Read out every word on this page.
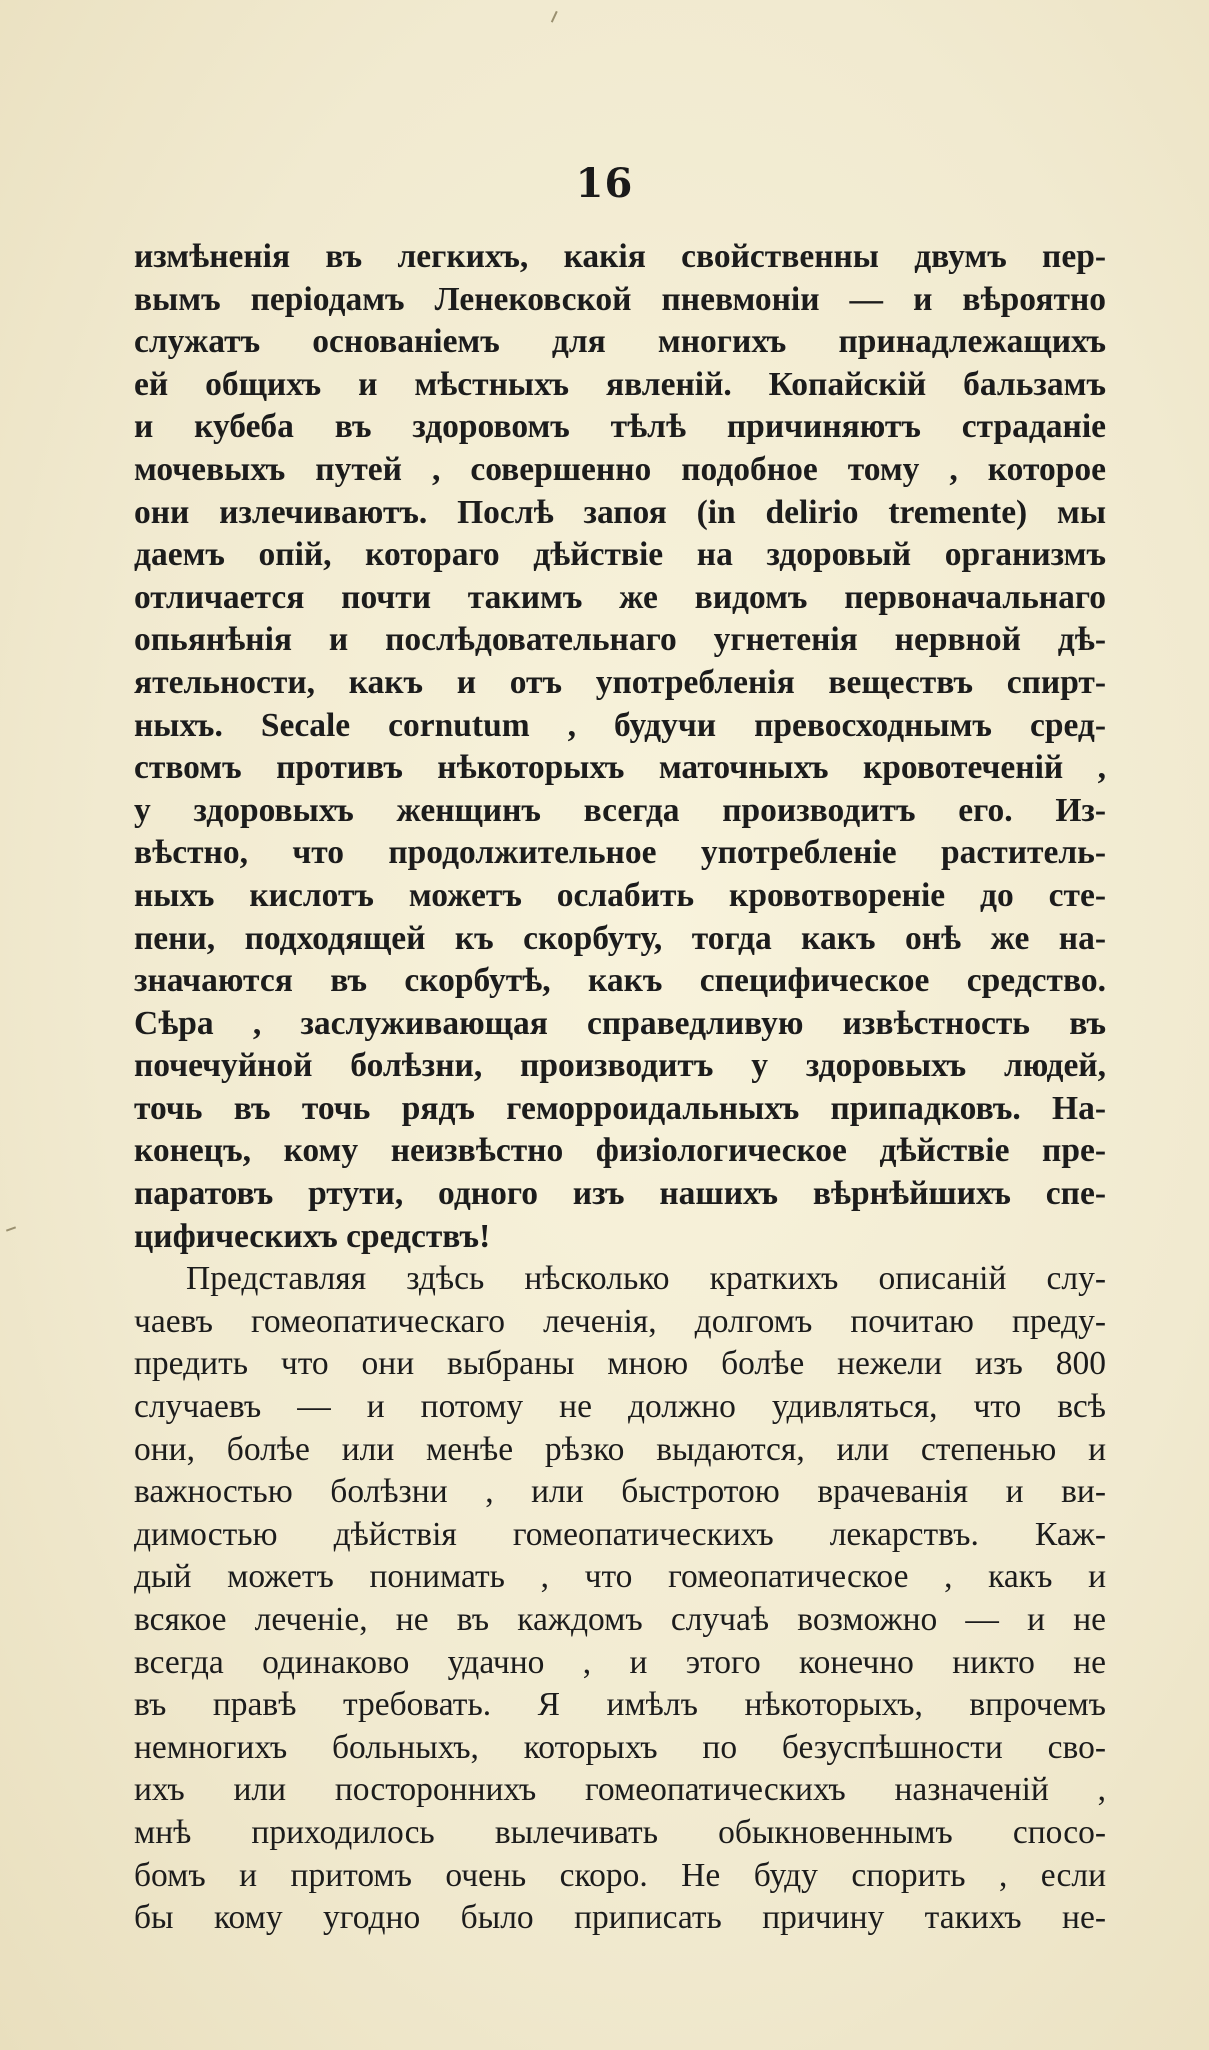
16
измѣненія въ легкихъ, какія свойственны двумъ пер-
вымъ періодамъ Ленековской пневмоніи — и вѣроятно
служатъ основаніемъ для многихъ принадлежащихъ
ей общихъ и мѣстныхъ явленій. Копайскій бальзамъ
и кубеба въ здоровомъ тѣлѣ причиняютъ страданіе
мочевыхъ путей , совершенно подобное тому , которое
они излечиваютъ. Послѣ запоя (in delirio tremente) мы
даемъ опій, котораго дѣйствіе на здоровый организмъ
отличается почти такимъ же видомъ первоначальнаго
опьянѣнія и послѣдовательнаго угнетенія нервной дѣ-
ятельности, какъ и отъ употребленія веществъ спирт-
ныхъ. Secale cornutum , будучи превосходнымъ сред-
ствомъ противъ нѣкоторыхъ маточныхъ кровотеченій ,
у здоровыхъ женщинъ всегда производитъ его. Из-
вѣстно, что продолжительное употребленіе раститель-
ныхъ кислотъ можетъ ослабить кровотвореніе до сте-
пени, подходящей къ скорбуту, тогда какъ онѣ же на-
значаются въ скорбутѣ, какъ специфическое средство.
Сѣра , заслуживающая справедливую извѣстность въ
почечуйной болѣзни, производитъ у здоровыхъ людей,
точь въ точь рядъ геморроидальныхъ припадковъ. На-
конецъ, кому неизвѣстно физіологическое дѣйствіе пре-
паратовъ ртути, одного изъ нашихъ вѣрнѣйшихъ спе-
цифическихъ средствъ!
Представляя здѣсь нѣсколько краткихъ описаній слу-
чаевъ гомеопатическаго леченія, долгомъ почитаю преду-
предить что они выбраны мною болѣе нежели изъ 800
случаевъ — и потому не должно удивляться, что всѣ
они, болѣе или менѣе рѣзко выдаются, или степенью и
важностью болѣзни , или быстротою врачеванія и ви-
димостью дѣйствія гомеопатическихъ лекарствъ. Каж-
дый можетъ понимать , что гомеопатическое , какъ и
всякое леченіе, не въ каждомъ случаѣ возможно — и не
всегда одинаково удачно , и этого конечно никто не
въ правѣ требовать. Я имѣлъ нѣкоторыхъ, впрочемъ
немногихъ больныхъ, которыхъ по безуспѣшности сво-
ихъ или постороннихъ гомеопатическихъ назначеній ,
мнѣ приходилось вылечивать обыкновеннымъ спосо-
бомъ и притомъ очень скоро. Не буду спорить , если
бы кому угодно было приписать причину такихъ не-
